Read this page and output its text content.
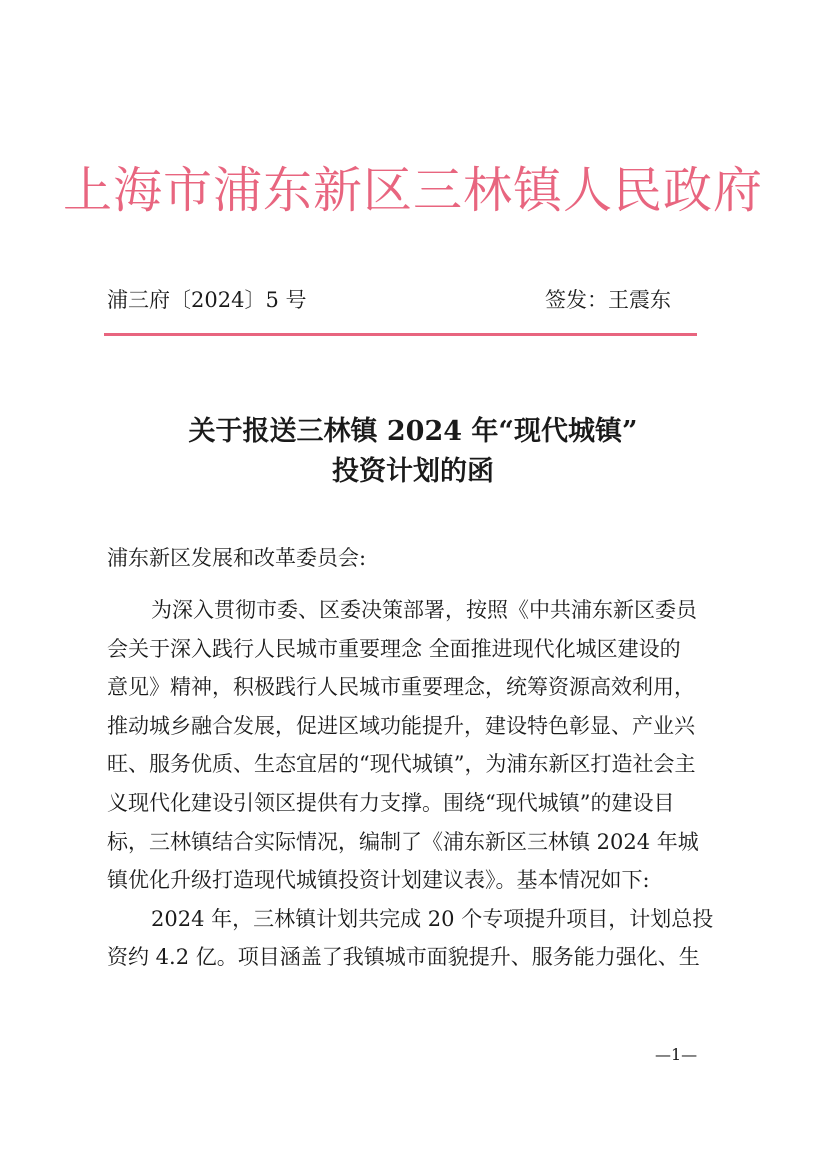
上海市浦东新区三林镇人民政府
浦三府〔2024〕5 号	签发：王震东
关于报送三林镇 2024 年“现代城镇”
投资计划的函
浦东新区发展和改革委员会:
为深入贯彻市委、区委决策部署，按照《中共浦东新区委员
会关于深入践行人民城市重要理念 全面推进现代化城区建设的
意见》精神，积极践行人民城市重要理念，统筹资源高效利用，
推动城乡融合发展，促进区域功能提升，建设特色彰显、产业兴
旺、服务优质、生态宜居的“现代城镇”，为浦东新区打造社会主
义现代化建设引领区提供有力支撑。围绕“现代城镇”的建设目
标，三林镇结合实际情况，编制了《浦东新区三林镇 2024 年城
镇优化升级打造现代城镇投资计划建议表》。基本情况如下:
2024 年，三林镇计划共完成 20 个专项提升项目，计划总投
资约 4.2 亿。项目涵盖了我镇城市面貌提升、服务能力强化、生
—1—
